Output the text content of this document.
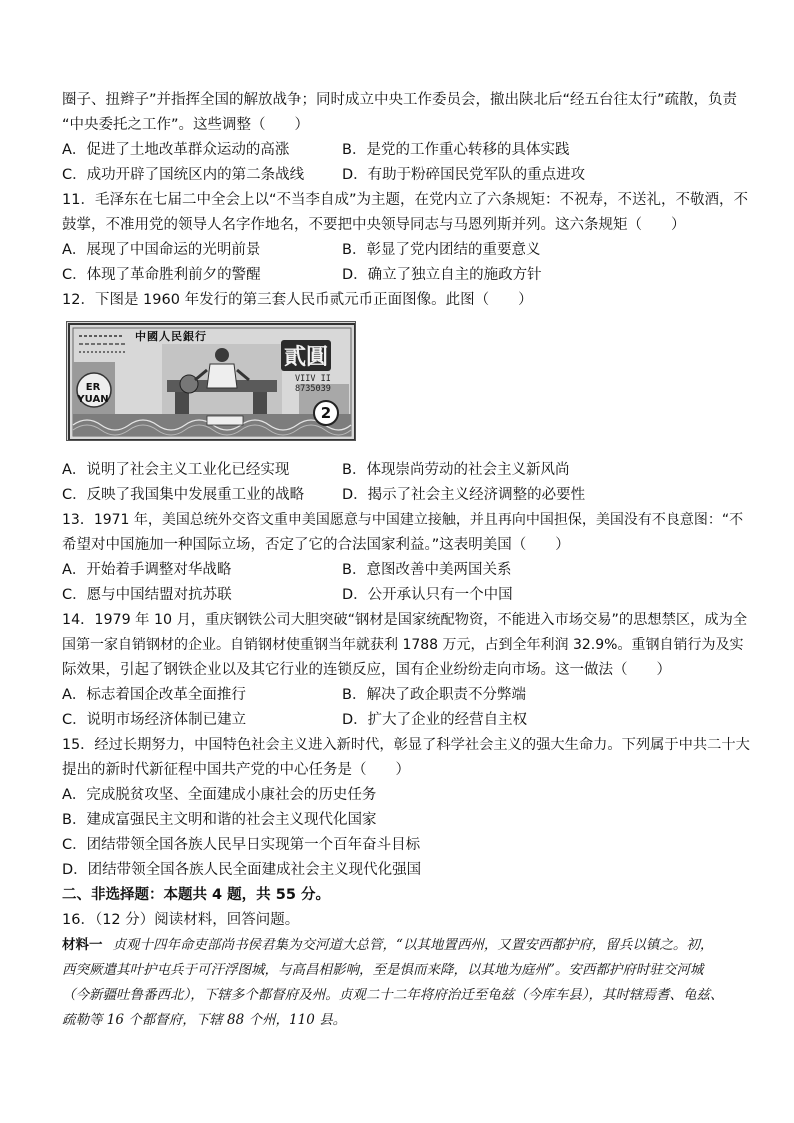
圈子、扭辫子”并指挥全国的解放战争；同时成立中央工作委员会，撤出陕北后“经五台往太行”疏散，负责
“中央委托之工作”。这些调整（　　）
A．促进了土地改革群众运动的高涨	B．是党的工作重心转移的具体实践
C．成功开辟了国统区内的第二条战线	D．有助于粉碎国民党军队的重点进攻
11．毛泽东在七届二中全会上以“不当李自成”为主题，在党内立了六条规矩：不祝寿，不送礼，不敬酒，不
鼓掌，不准用党的领导人名字作地名，不要把中央领导同志与马恩列斯并列。这六条规矩（　　）
A．展现了中国命运的光明前景	B．彰显了党内团结的重要意义
C．体现了革命胜利前夕的警醒	D．确立了独立自主的施政方针
12．下图是 1960 年发行的第三套人民币贰元币正面图像。此图（　　）
中國人民銀行
貳圓
VIIV II 8735039
ER YUAN
2
A．说明了社会主义工业化已经实现	B．体现崇尚劳动的社会主义新风尚
C．反映了我国集中发展重工业的战略	D．揭示了社会主义经济调整的必要性
13．1971 年，美国总统外交咨文重申美国愿意与中国建立接触，并且再向中国担保，美国没有不良意图：“不
希望对中国施加一种国际立场，否定了它的合法国家利益。”这表明美国（　　）
A．开始着手调整对华战略	B．意图改善中美两国关系
C．愿与中国结盟对抗苏联	D．公开承认只有一个中国
14．1979 年 10 月，重庆钢铁公司大胆突破“钢材是国家统配物资，不能进入市场交易”的思想禁区，成为全
国第一家自销钢材的企业。自销钢材使重钢当年就获利 1788 万元，占到全年利润 32.9%。重钢自销行为及实
际效果，引起了钢铁企业以及其它行业的连锁反应，国有企业纷纷走向市场。这一做法（　　）
A．标志着国企改革全面推行	B．解决了政企职责不分弊端
C．说明市场经济体制已建立	D．扩大了企业的经营自主权
15．经过长期努力，中国特色社会主义进入新时代，彰显了科学社会主义的强大生命力。下列属于中共二十大
提出的新时代新征程中国共产党的中心任务是（　　）
A．完成脱贫攻坚、全面建成小康社会的历史任务
B．建成富强民主文明和谐的社会主义现代化国家
C．团结带领全国各族人民早日实现第一个百年奋斗目标
D．团结带领全国各族人民全面建成社会主义现代化强国
二、非选择题：本题共 4 题，共 55 分。
16．（12 分）阅读材料，回答问题。
材料一 贞观十四年命吏部尚书侯君集为交河道大总管，“以其地置西州，又置安西都护府，留兵以镇之。初，
西突厥遣其叶护屯兵于可汗浮图城，与高昌相影响，至是惧而来降，以其地为庭州”。安西都护府时驻交河城
（今新疆吐鲁番西北），下辖多个都督府及州。贞观二十二年将府治迁至龟兹（今库车县），其时辖焉耆、龟兹、
疏勒等 16 个都督府，下辖 88 个州，110 县。
